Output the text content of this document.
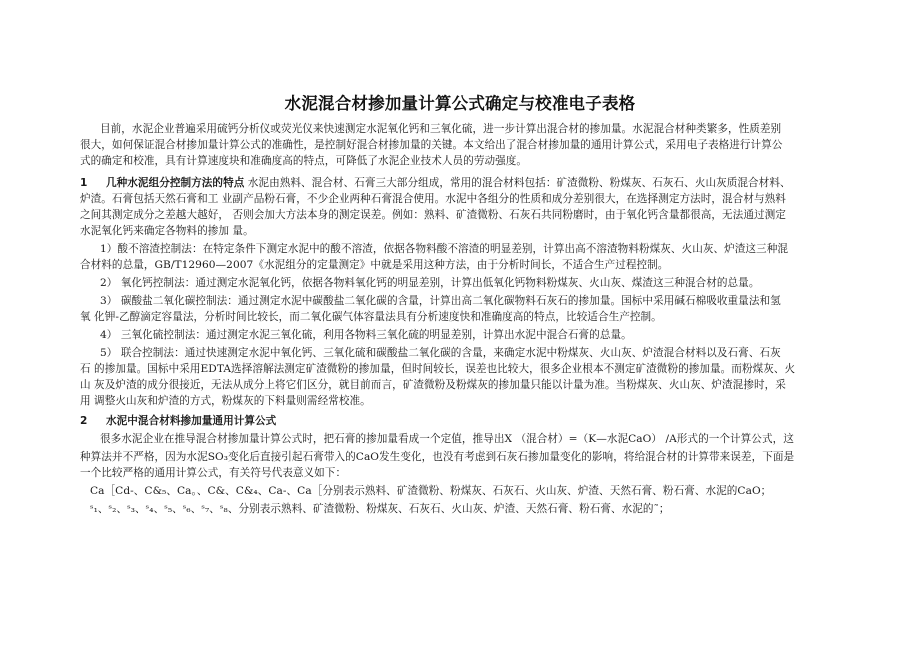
水泥混合材掺加量计算公式确定与校准电子表格
目前，水泥企业普遍采用硫钙分析仪或荧光仪来快速测定水泥氧化钙和三氧化硫，进一步计算出混合材的掺加量。水泥混合材种类繁多，性质差别
很大，如何保证混合材掺加量计算公式的准确性，是控制好混合材掺加量的关键。本文给出了混合材掺加量的通用计算公式，采用电子表格进行计算公
式的确定和校准，具有计算速度块和准确度高的特点，可降低了水泥企业技术人员的劳动强度。
1 几种水泥组分控制方法的特点 水泥由熟料、混合材、石膏三大部分组成，常用的混合材料包括：矿渣微粉、粉煤灰、石灰石、火山灰质混合材料、
炉渣。石膏包括天然石膏和工 业副产品粉石膏，不少企业两种石膏混合使用。水泥中各组分的性质和成分差别很大，在选择测定方法时，混合材与熟料
之间其测定成分之差越大越好， 否则会加大方法本身的测定误差。例如：熟料、矿渣微粉、石灰石共同粉磨时，由于氧化钙含量都很高，无法通过测定
水泥氧化钙来确定各物料的掺加 量。
1）酸不溶渣控制法：在特定条件下测定水泥中的酸不溶渣，依据各物料酸不溶渣的明显差别，计算出高不溶渣物料粉煤灰、火山灰、炉渣这三种混
合材料的总量，GB/T12960—2007《水泥组分的定量测定》中就是采用这种方法，由于分析时间长，不适合生产过程控制。
2） 氧化钙控制法：通过测定水泥氧化钙，依据各物料氧化钙的明显差别，计算出低氧化钙物料粉煤灰、火山灰、煤渣这三种混合材的总量。
3） 碳酸盐二氧化碳控制法：通过测定水泥中碳酸盐二氧化碳的含量，计算出高二氧化碳物料石灰石的掺加量。国标中采用碱石棉吸收重量法和氢
氧 化钾-乙醇滴定容量法，分析时间比较长，而二氧化碳气体容量法具有分析速度快和准确度高的特点，比较适合生产控制。
4） 三氧化硫控制法：通过测定水泥三氧化硫，利用各物料三氧化硫的明显差别，计算出水泥中混合石膏的总量。
5） 联合控制法：通过快速测定水泥中氧化钙、三氧化硫和碳酸盐二氧化碳的含量，来确定水泥中粉煤灰、火山灰、炉渣混合材料以及石膏、石灰
石 的掺加量。国标中采用EDTA选择溶解法测定矿渣微粉的掺加量，但时间较长，误差也比较大，很多企业根本不测定矿渣微粉的掺加量。而粉煤灰、火
山 灰及炉渣的成分很接近，无法从成分上将它们区分，就目前而言，矿渣微粉及粉煤灰的掺加量只能以计量为准。当粉煤灰、火山灰、炉渣混掺时，采
用 调整火山灰和炉渣的方式，粉煤灰的下料量则需经常校准。
2 水泥中混合材料掺加量通用计算公式
很多水泥企业在推导混合材掺加量计算公式时，把石膏的掺加量看成一个定值，推导出X （混合材）=（K—水泥CaO） /A形式的一个计算公式，这
种算法并不严格，因为水泥SO₃变化后直接引起石膏带入的CaO发生变化，也没有考虑到石灰石掺加量变化的影响，将给混合材的计算带来误差，下面是
一个比较严格的通用计算公式，有关符号代表意义如下：
Ca［Cd-、C&₅、Ca。、C&、C&₄、Ca-、Ca［分别表示熟料、矿渣微粉、粉煤灰、石灰石、火山灰、炉渣、天然石膏、粉石膏、水泥的CaO；
ˢ₁、ˢ₂、ˢ₃、ˢ₄、ˢ₅、ˢ₆、ˢ₇、ˢ₈、分别表示熟料、矿渣微粉、粉煤灰、石灰石、火山灰、炉渣、天然石膏、粉石膏、水泥的˜；
